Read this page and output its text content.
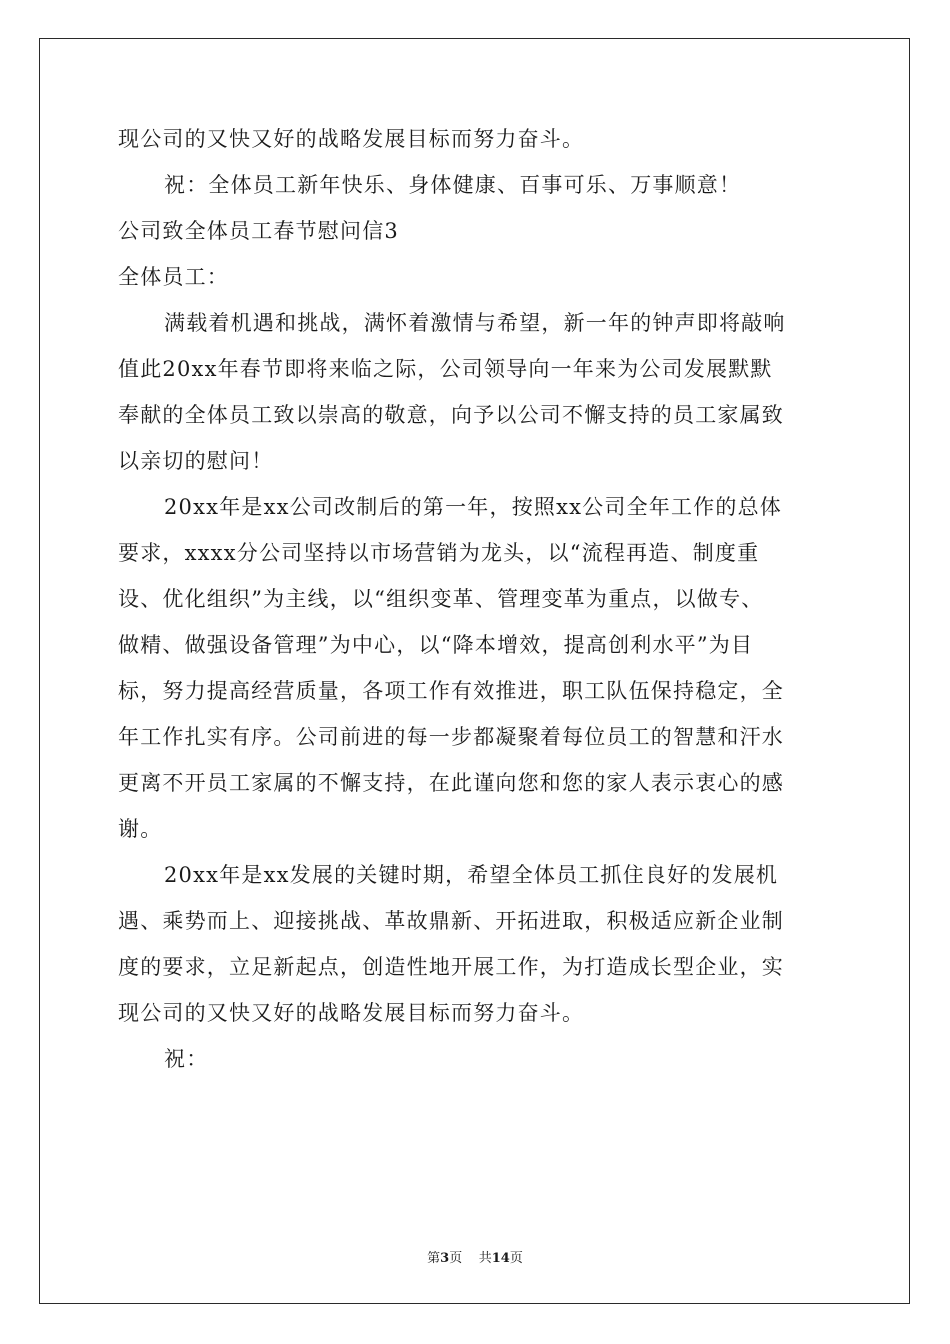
现公司的又快又好的战略发展目标而努力奋斗。
祝：全体员工新年快乐、身体健康、百事可乐、万事顺意！
公司致全体员工春节慰问信3
全体员工：
满载着机遇和挑战，满怀着激情与希望，新一年的钟声即将敲响
值此20xx年春节即将来临之际，公司领导向一年来为公司发展默默
奉献的全体员工致以崇高的敬意，向予以公司不懈支持的员工家属致
以亲切的慰问！
20xx年是xx公司改制后的第一年，按照xx公司全年工作的总体
要求，xxxx分公司坚持以市场营销为龙头，以“流程再造、制度重
设、优化组织”为主线，以“组织变革、管理变革为重点，以做专、
做精、做强设备管理”为中心，以“降本增效，提高创利水平”为目
标，努力提高经营质量，各项工作有效推进，职工队伍保持稳定，全
年工作扎实有序。公司前进的每一步都凝聚着每位员工的智慧和汗水
更离不开员工家属的不懈支持，在此谨向您和您的家人表示衷心的感
谢。
20xx年是xx发展的关键时期，希望全体员工抓住良好的发展机
遇、乘势而上、迎接挑战、革故鼎新、开拓进取，积极适应新企业制
度的要求，立足新起点，创造性地开展工作，为打造成长型企业，实
现公司的又快又好的战略发展目标而努力奋斗。
祝：
第3页 共14页
